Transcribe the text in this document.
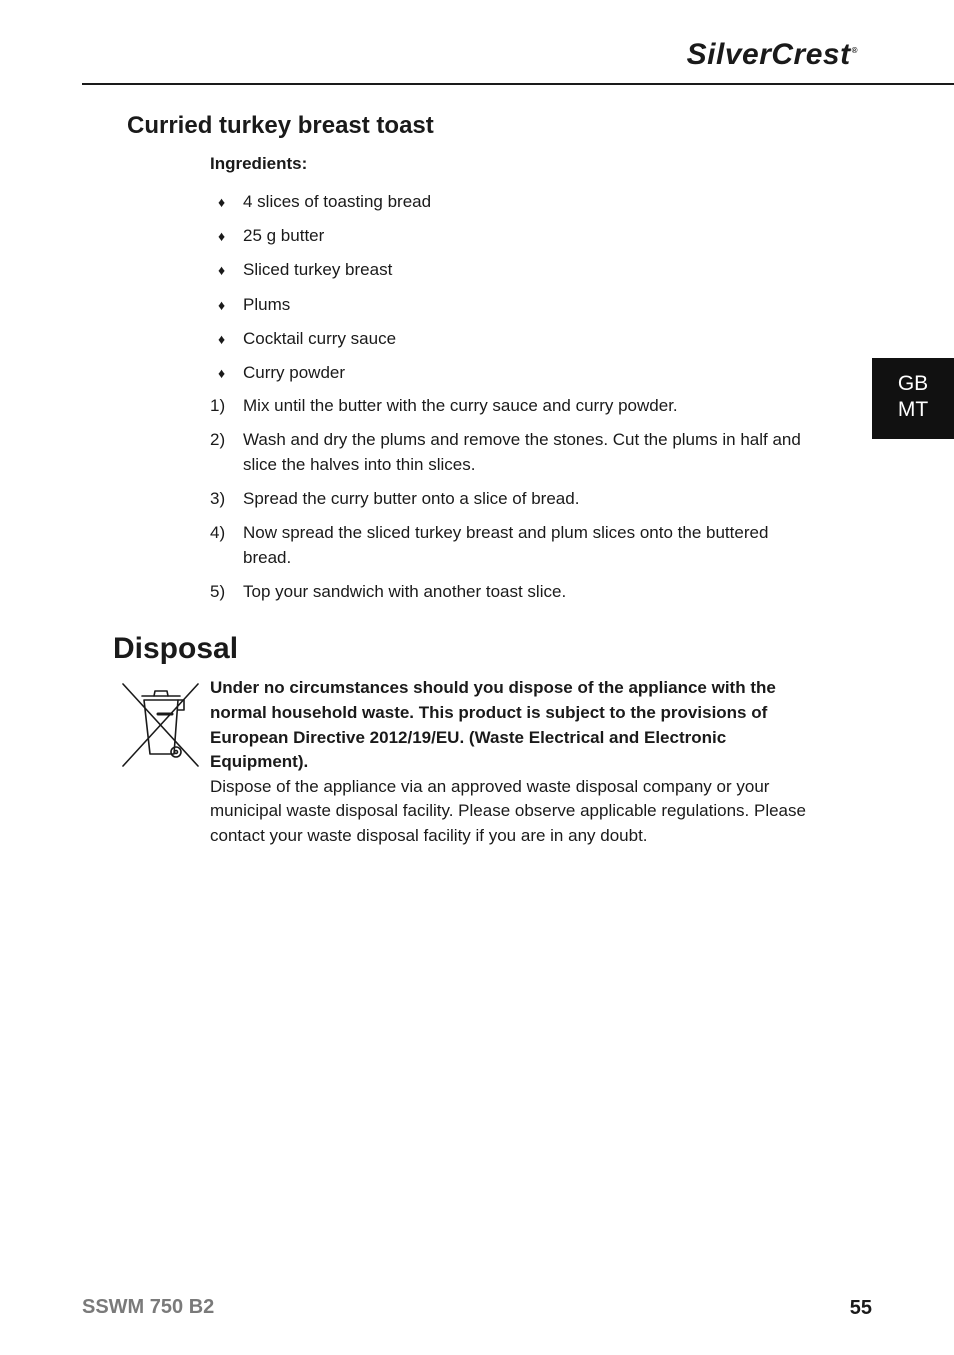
SilverCrest®
GB
MT
Curried turkey breast toast
Ingredients:
♦ 4 slices of toasting bread
♦ 25 g butter
♦ Sliced turkey breast
♦ Plums
♦ Cocktail curry sauce
♦ Curry powder
1)	Mix until the butter with the curry sauce and curry powder.
2)	Wash and dry the plums and remove the stones. Cut the plums in half and slice the halves into thin slices.
3)	Spread the curry butter onto a slice of bread.
4)	Now spread the sliced turkey breast and plum slices onto the buttered bread.
5)	Top your sandwich with another toast slice.
Disposal

Under no circumstances should you dispose of the appliance with the normal household waste. This product is subject to the provisions of European Directive 2012/19/EU. (Waste Electrical and Electronic Equipment).

Dispose of the appliance via an approved waste disposal company or your municipal waste disposal facility. Please observe applicable regulations. Please contact your waste disposal facility if you are in any doubt.

SSWM 750 B2	55
